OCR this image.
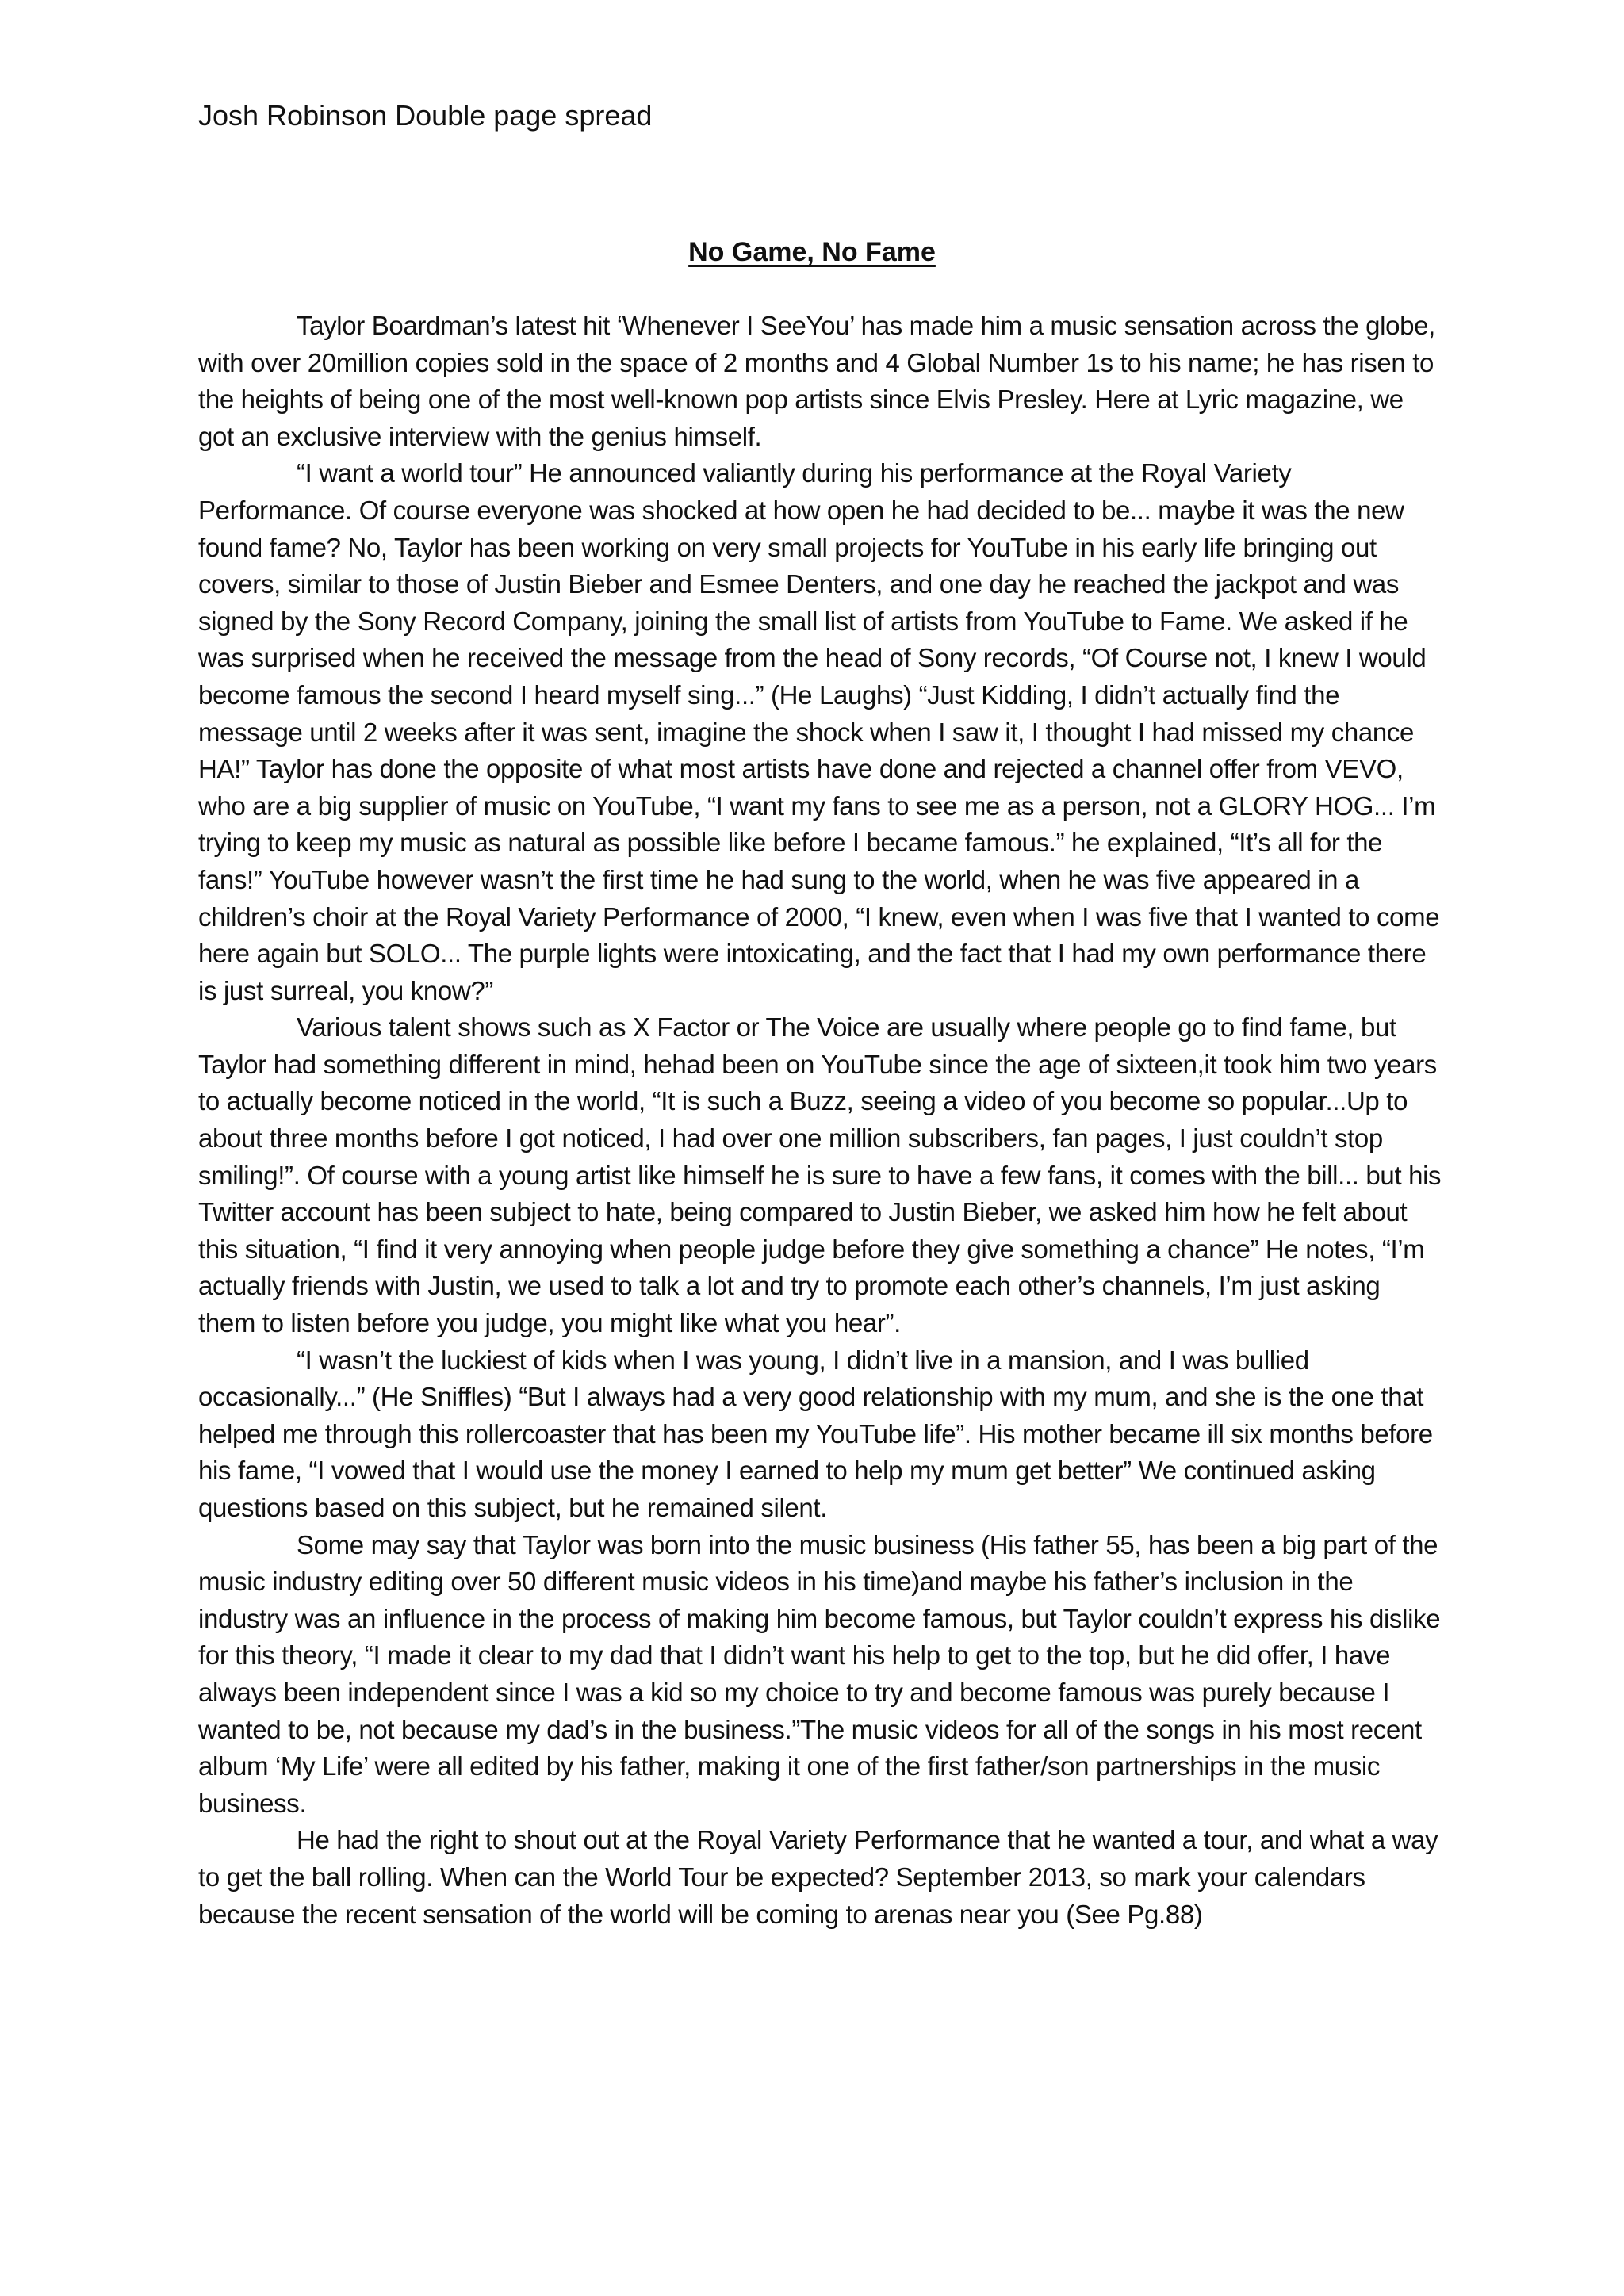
Josh Robinson Double page spread
No Game, No Fame

Taylor Boardman’s latest hit ‘Whenever I SeeYou’ has made him a music sensation across the globe, with over 20million copies sold in the space of 2 months and 4 Global Number 1s to his name; he has risen to the heights of being one of the most well-known pop artists since Elvis Presley. Here at Lyric magazine, we got an exclusive interview with the genius himself.

“I want a world tour” He announced valiantly during his performance at the Royal Variety Performance. Of course everyone was shocked at how open he had decided to be... maybe it was the new found fame? No, Taylor has been working on very small projects for YouTube in his early life bringing out covers, similar to those of Justin Bieber and Esmee Denters, and one day he reached the jackpot and was signed by the Sony Record Company, joining the small list of artists from YouTube to Fame. We asked if he was surprised when he received the message from the head of Sony records, “Of Course not, I knew I would become famous the second I heard myself sing...” (He Laughs) “Just Kidding, I didn’t actually find the message until 2 weeks after it was sent, imagine the shock when I saw it, I thought I had missed my chance HA!” Taylor has done the opposite of what most artists have done and rejected a channel offer from VEVO, who are a big supplier of music on YouTube, “I want my fans to see me as a person, not a GLORY HOG... I’m trying to keep my music as natural as possible like before I became famous.” he explained, “It’s all for the fans!” YouTube however wasn’t the first time he had sung to the world, when he was five appeared in a children’s choir at the Royal Variety Performance of 2000, “I knew, even when I was five that I wanted to come here again but SOLO... The purple lights were intoxicating, and the fact that I had my own performance there is just surreal, you know?”

Various talent shows such as X Factor or The Voice are usually where people go to find fame, but Taylor had something different in mind, hehad been on YouTube since the age of sixteen,it took him two years to actually become noticed in the world, “It is such a Buzz, seeing a video of you become so popular...Up to about three months before I got noticed, I had over one million subscribers, fan pages, I just couldn’t stop smiling!”. Of course with a young artist like himself he is sure to have a few fans, it comes with the bill... but his Twitter account has been subject to hate, being compared to Justin Bieber, we asked him how he felt about this situation, “I find it very annoying when people judge before they give something a chance” He notes, “I’m actually friends with Justin, we used to talk a lot and try to promote each other’s channels, I’m just asking them to listen before you judge, you might like what you hear”.

“I wasn’t the luckiest of kids when I was young, I didn’t live in a mansion, and I was bullied occasionally...” (He Sniffles) “But I always had a very good relationship with my mum, and she is the one that helped me through this rollercoaster that has been my YouTube life”. His mother became ill six months before his fame, “I vowed that I would use the money I earned to help my mum get better” We continued asking questions based on this subject, but he remained silent.

Some may say that Taylor was born into the music business (His father 55, has been a big part of the music industry editing over 50 different music videos in his time)and maybe his father’s inclusion in the industry was an influence in the process of making him become famous, but Taylor couldn’t express his dislike for this theory, “I made it clear to my dad that I didn’t want his help to get to the top, but he did offer, I have always been independent since I was a kid so my choice to try and become famous was purely because I wanted to be, not because my dad’s in the business.”The music videos for all of the songs in his most recent album ‘My Life’ were all edited by his father, making it one of the first father/son partnerships in the music business.

He had the right to shout out at the Royal Variety Performance that he wanted a tour, and what a way to get the ball rolling. When can the World Tour be expected? September 2013, so mark your calendars because the recent sensation of the world will be coming to arenas near you (See Pg.88)
